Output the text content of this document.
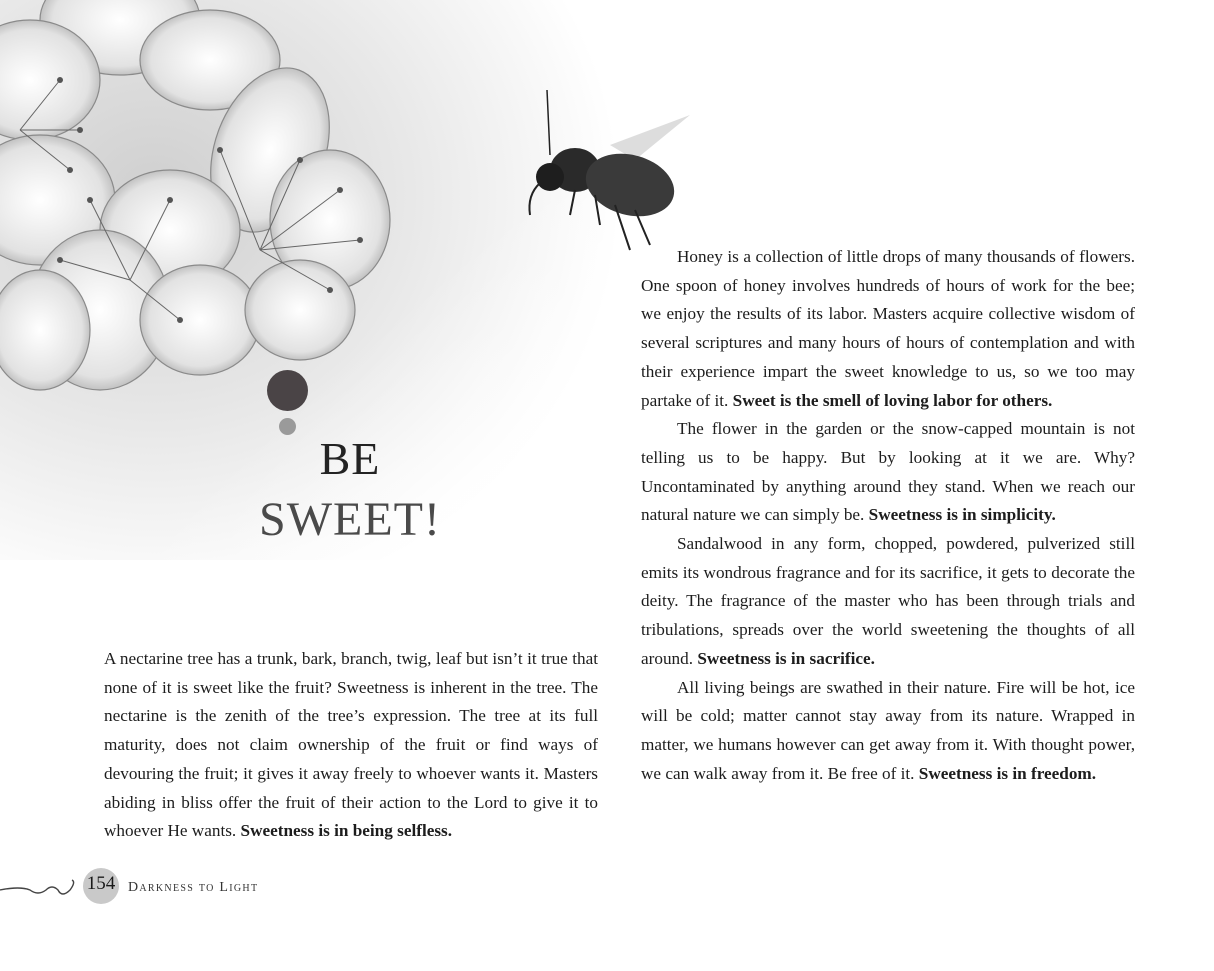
BE
SWEET!

A nectarine tree has a trunk, bark, branch, twig, leaf but isn’t it true that none of it is sweet like the fruit? Sweetness is inherent in the tree. The nectarine is the zenith of the tree’s expression. The tree at its full maturity, does not claim ownership of the fruit or find ways of devouring the fruit; it gives it away freely to whoever wants it. Masters abiding in bliss offer the fruit of their action to the Lord to give it to whoever He wants. Sweetness is in being selfless.

Honey is a collection of little drops of many thousands of flowers. One spoon of honey involves hundreds of hours of work for the bee; we enjoy the results of its labor. Masters acquire collective wisdom of several scriptures and many hours of hours of contemplation and with their experience impart the sweet knowledge to us, so we too may partake of it. Sweet is the smell of loving labor for others.

The flower in the garden or the snow-capped mountain is not telling us to be happy. But by looking at it we are. Why? Uncontaminated by anything around they stand. When we reach our natural nature we can simply be. Sweetness is in simplicity.

Sandalwood in any form, chopped, powdered, pulverized still emits its wondrous fragrance and for its sacrifice, it gets to decorate the deity. The fragrance of the master who has been through trials and tribulations, spreads over the world sweetening the thoughts of all around. Sweetness is in sacrifice.

All living beings are swathed in their nature. Fire will be hot, ice will be cold; matter cannot stay away from its nature. Wrapped in matter, we humans however can get away from it. With thought power, we can walk away from it. Be free of it. Sweetness is in freedom.

154 Darkness to Light
